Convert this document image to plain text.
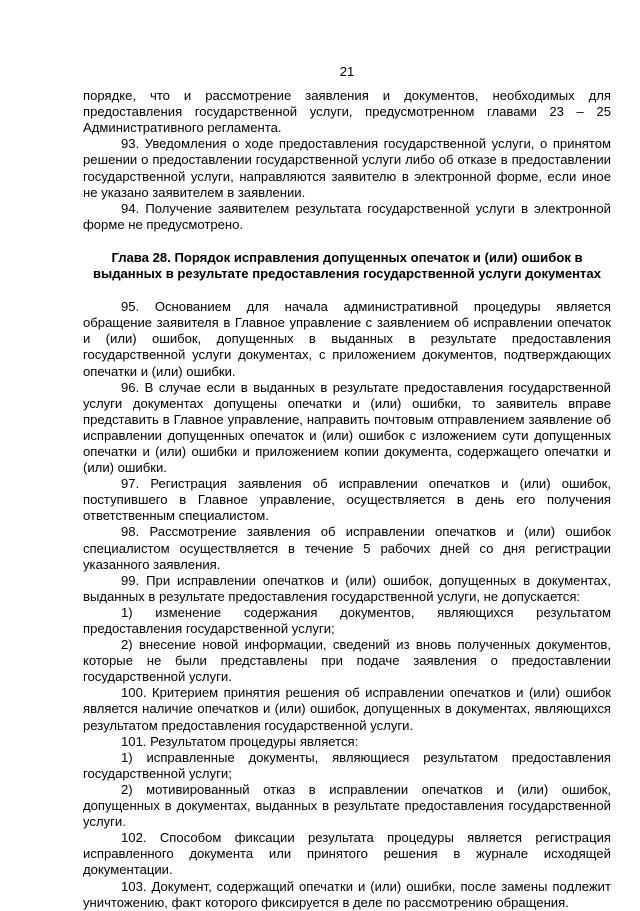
21

порядке, что и рассмотрение заявления и документов, необходимых для предоставления государственной услуги, предусмотренном главами 23 – 25 Административного регламента.

93. Уведомления о ходе предоставления государственной услуги, о принятом решении о предоставлении государственной услуги либо об отказе в предоставлении государственной услуги, направляются заявителю в электронной форме, если иное не указано заявителем в заявлении.

94. Получение заявителем результата государственной услуги в электронной форме не предусмотрено.

Глава 28. Порядок исправления допущенных опечаток и (или) ошибок в выданных в результате предоставления государственной услуги документах

95. Основанием для начала административной процедуры является обращение заявителя в Главное управление с заявлением об исправлении опечаток и (или) ошибок, допущенных в выданных в результате предоставления государственной услуги документах, с приложением документов, подтверждающих опечатки и (или) ошибки.

96. В случае если в выданных в результате предоставления государственной услуги документах допущены опечатки и (или) ошибки, то заявитель вправе представить в Главное управление, направить почтовым отправлением заявление об исправлении допущенных опечаток и (или) ошибок с изложением сути допущенных опечатки и (или) ошибки и приложением копии документа, содержащего опечатки и (или) ошибки.

97. Регистрация заявления об исправлении опечатков и (или) ошибок, поступившего в Главное управление, осуществляется в день его получения ответственным специалистом.

98. Рассмотрение заявления об исправлении опечатков и (или) ошибок специалистом осуществляется в течение 5 рабочих дней со дня регистрации указанного заявления.

99. При исправлении опечатков и (или) ошибок, допущенных в документах, выданных в результате предоставления государственной услуги, не допускается:

1) изменение содержания документов, являющихся результатом предоставления государственной услуги;

2) внесение новой информации, сведений из вновь полученных документов, которые не были представлены при подаче заявления о предоставлении государственной услуги.

100. Критерием принятия решения об исправлении опечатков и (или) ошибок является наличие опечатков и (или) ошибок, допущенных в документах, являющихся результатом предоставления государственной услуги.

101. Результатом процедуры является:

1) исправленные документы, являющиеся результатом предоставления государственной услуги;

2) мотивированный отказ в исправлении опечатков и (или) ошибок, допущенных в документах, выданных в результате предоставления государственной услуги.

102. Способом фиксации результата процедуры является регистрация исправленного документа или принятого решения в журнале исходящей документации.

103. Документ, содержащий опечатки и (или) ошибки, после замены подлежит уничтожению, факт которого фиксируется в деле по рассмотрению обращения.
